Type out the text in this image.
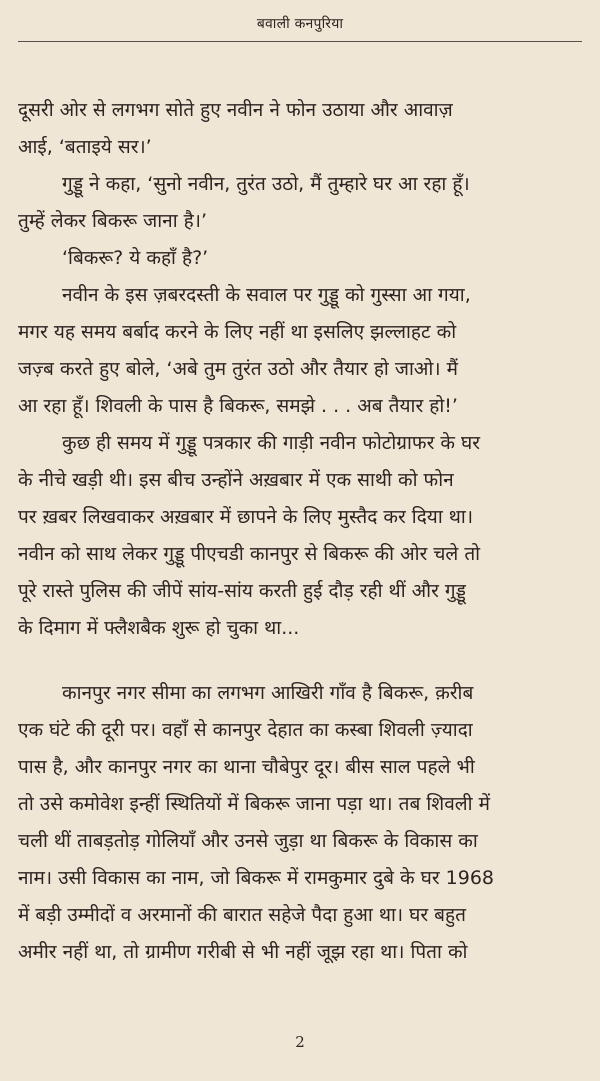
बवाली कनपुरिया
दूसरी ओर से लगभग सोते हुए नवीन ने फोन उठाया और आवाज़
आई, ‘बताइये सर।’
गुड्डू ने कहा, ‘सुनो नवीन, तुरंत उठो, मैं तुम्हारे घर आ रहा हूँ।
तुम्हें लेकर बिकरू जाना है।’
‘बिकरू? ये कहाँ है?’
नवीन के इस ज़बरदस्ती के सवाल पर गुड्डू को गुस्सा आ गया,
मगर यह समय बर्बाद करने के लिए नहीं था इसलिए झल्लाहट को
जज़्ब करते हुए बोले, ‘अबे तुम तुरंत उठो और तैयार हो जाओ। मैं
आ रहा हूँ। शिवली के पास है बिकरू, समझे . . . अब तैयार हो!’
कुछ ही समय में गुड्डू पत्रकार की गाड़ी नवीन फोटोग्राफर के घर
के नीचे खड़ी थी। इस बीच उन्होंने अख़बार में एक साथी को फोन
पर ख़बर लिखवाकर अख़बार में छापने के लिए मुस्तैद कर दिया था।
नवीन को साथ लेकर गुड्डू पीएचडी कानपुर से बिकरू की ओर चले तो
पूरे रास्ते पुलिस की जीपें सांय-सांय करती हुई दौड़ रही थीं और गुड्डू
के दिमाग में फ्लैशबैक शुरू हो चुका था...
कानपुर नगर सीमा का लगभग आखिरी गाँव है बिकरू, क़रीब
एक घंटे की दूरी पर। वहाँ से कानपुर देहात का कस्बा शिवली ज़्यादा
पास है, और कानपुर नगर का थाना चौबेपुर दूर। बीस साल पहले भी
तो उसे कमोवेश इन्हीं स्थितियों में बिकरू जाना पड़ा था। तब शिवली में
चली थीं ताबड़तोड़ गोलियाँ और उनसे जुड़ा था बिकरू के विकास का
नाम। उसी विकास का नाम, जो बिकरू में रामकुमार दुबे के घर 1968
में बड़ी उम्मीदों व अरमानों की बारात सहेजे पैदा हुआ था। घर बहुत
अमीर नहीं था, तो ग्रामीण गरीबी से भी नहीं जूझ रहा था। पिता को
2
